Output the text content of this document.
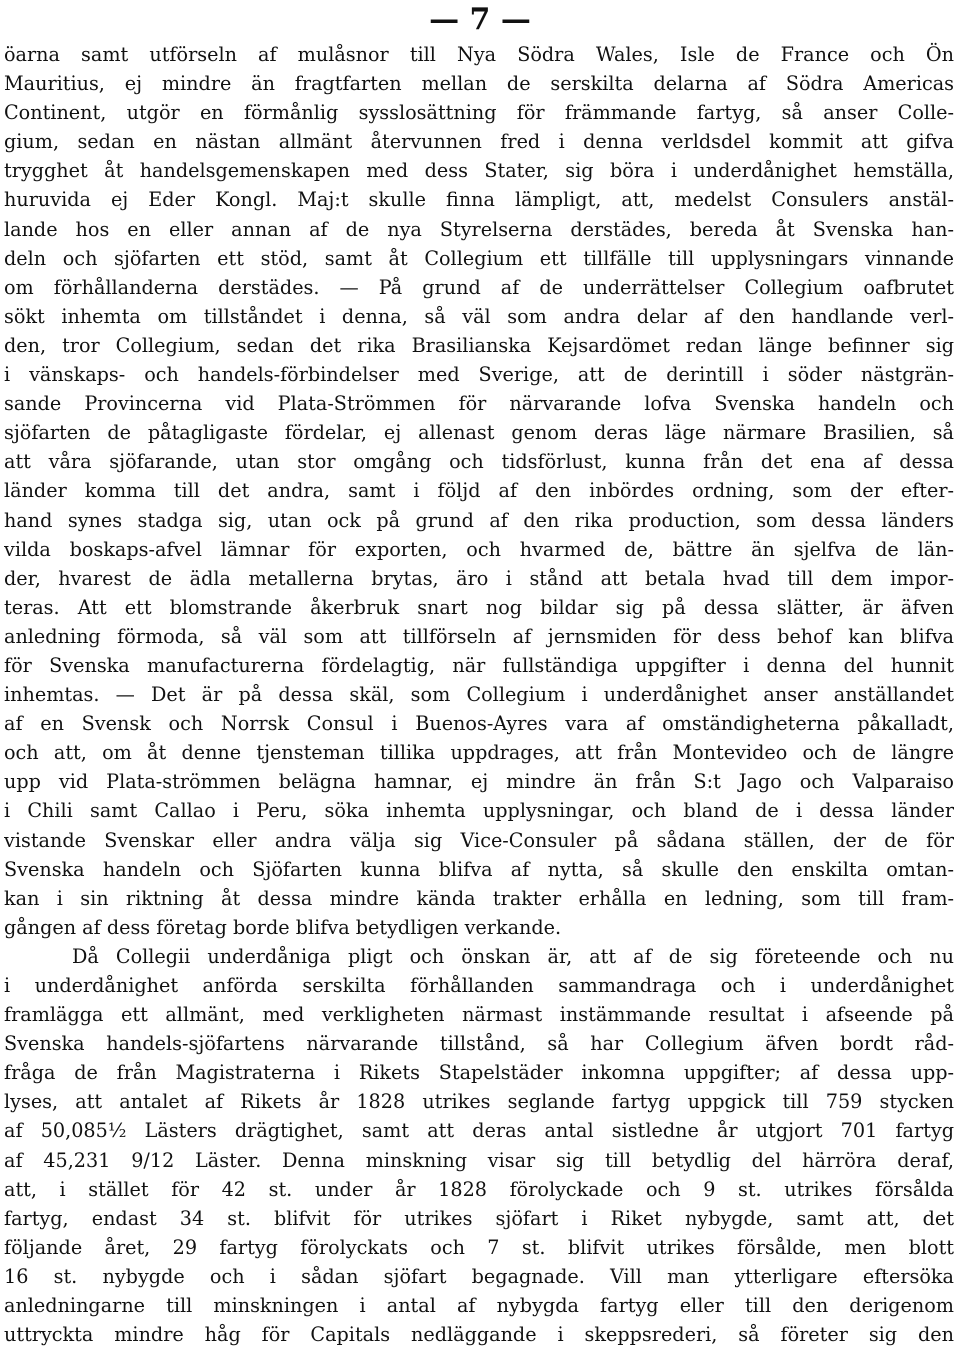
— 7 —
öarna samt utförseln af mulåsnor till Nya Södra Wales, Isle de France och Ön
Mauritius, ej mindre än fragtfarten mellan de serskilta delarna af Södra Americas
Continent, utgör en förmånlig sysslosättning för främmande fartyg, så anser Colle-
gium, sedan en nästan allmänt återvunnen fred i denna verldsdel kommit att gifva
trygghet åt handelsgemenskapen med dess Stater, sig böra i underdånighet hemställa,
huruvida ej Eder Kongl. Maj:t skulle finna lämpligt, att, medelst Consulers anstäl-
lande hos en eller annan af de nya Styrelserna derstädes, bereda åt Svenska han-
deln och sjöfarten ett stöd, samt åt Collegium ett tillfälle till upplysningars vinnande
om förhållanderna derstädes. — På grund af de underrättelser Collegium oafbrutet
sökt inhemta om tillståndet i denna, så väl som andra delar af den handlande verl-
den, tror Collegium, sedan det rika Brasilianska Kejsardömet redan länge befinner sig
i vänskaps- och handels-förbindelser med Sverige, att de derintill i söder nästgrän-
sande Provincerna vid Plata-Strömmen för närvarande lofva Svenska handeln och
sjöfarten de påtagligaste fördelar, ej allenast genom deras läge närmare Brasilien, så
att våra sjöfarande, utan stor omgång och tidsförlust, kunna från det ena af dessa
länder komma till det andra, samt i följd af den inbördes ordning, som der efter-
hand synes stadga sig, utan ock på grund af den rika production, som dessa länders
vilda boskaps-afvel lämnar för exporten, och hvarmed de, bättre än sjelfva de län-
der, hvarest de ädla metallerna brytas, äro i stånd att betala hvad till dem impor-
teras. Att ett blomstrande åkerbruk snart nog bildar sig på dessa slätter, är äfven
anledning förmoda, så väl som att tillförseln af jernsmiden för dess behof kan blifva
för Svenska manufacturerna fördelagtig, när fullständiga uppgifter i denna del hunnit
inhemtas. — Det är på dessa skäl, som Collegium i underdånighet anser anställandet
af en Svensk och Norrsk Consul i Buenos-Ayres vara af omständigheterna påkalladt,
och att, om åt denne tjensteman tillika uppdrages, att från Montevideo och de längre
upp vid Plata-strömmen belägna hamnar, ej mindre än från S:t Jago och Valparaiso
i Chili samt Callao i Peru, söka inhemta upplysningar, och bland de i dessa länder
vistande Svenskar eller andra välja sig Vice-Consuler på sådana ställen, der de för
Svenska handeln och Sjöfarten kunna blifva af nytta, så skulle den enskilta omtan-
kan i sin riktning åt dessa mindre kända trakter erhålla en ledning, som till fram-
gången af dess företag borde blifva betydligen verkande.
Då Collegii underdåniga pligt och önskan är, att af de sig företeende och nu
i underdånighet anförda serskilta förhållanden sammandraga och i underdånighet
framlägga ett allmänt, med verkligheten närmast instämmande resultat i afseende på
Svenska handels-sjöfartens närvarande tillstånd, så har Collegium äfven bordt råd-
fråga de från Magistraterna i Rikets Stapelstäder inkomna uppgifter; af dessa upp-
lyses, att antalet af Rikets år 1828 utrikes seglande fartyg uppgick till 759 stycken
af 50,085½ Lästers drägtighet, samt att deras antal sistledne år utgjort 701 fartyg
af 45,231 9/12 Läster. Denna minskning visar sig till betydlig del härröra deraf,
att, i stället för 42 st. under år 1828 förolyckade och 9 st. utrikes försålda
fartyg, endast 34 st. blifvit för utrikes sjöfart i Riket nybygde, samt att, det
följande året, 29 fartyg förolyckats och 7 st. blifvit utrikes försålde, men blott
16 st. nybygde och i sådan sjöfart begagnade. Vill man ytterligare eftersöka
anledningarne till minskningen i antal af nybygda fartyg eller till den derigenom
uttryckta mindre håg för Capitals nedläggande i skeppsrederi, så företer sig den
